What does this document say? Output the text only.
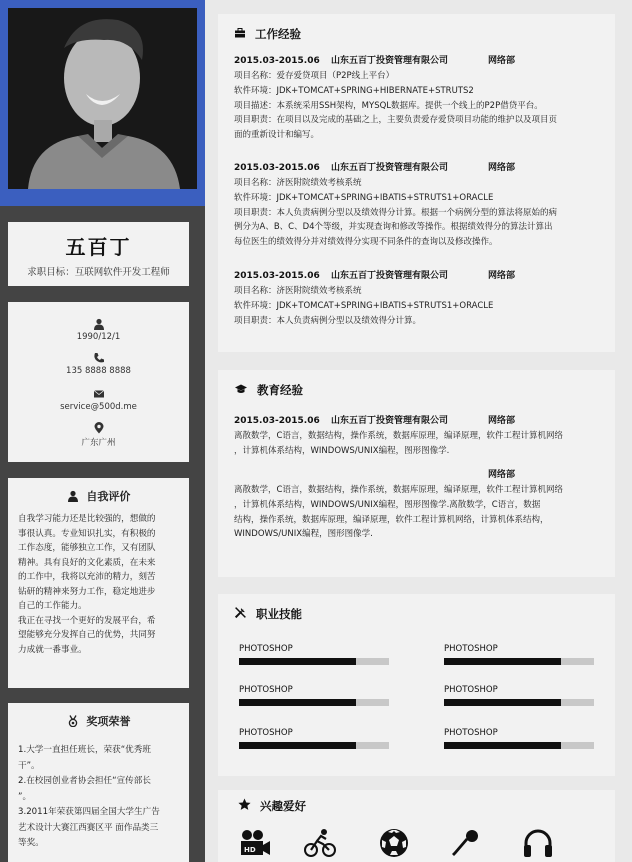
五百丁
求职目标：互联网软件开发工程师
1990/12/1
135 8888 8888
service@500d.me
广东广州
自我评价
自我学习能力还是比较强的，想做的
事很认真。专业知识扎实，有积极的
工作态度，能够独立工作，又有团队
精神。具有良好的文化素质，在未来
的工作中，我将以充沛的精力，刻苦
钻研的精神来努力工作，稳定地进步
自己的工作能力。
我正在寻找一个更好的发展平台，希
望能够充分发挥自己的优势，共同努
力成就一番事业。
奖项荣誉
1.大学一直担任班长，荣获“优秀班
干”。
2.在校园创业者协会担任“宣传部长
”。
3.2011年荣获第四届全国大学生广告
艺术设计大赛江西赛区平 面作品类三
等奖。
工作经验
2015.03-2015.06 山东五百丁投资管理有限公司	网络部
项目名称：爱存爱贷项目（P2P线上平台）
软件环境：JDK+TOMCAT+SPRING+HIBERNATE+STRUTS2
项目描述：本系统采用SSH架构，MYSQL数据库。提供一个线上的P2P借贷平台。
项目职责：在项目以及完成的基础之上，主要负责爱存爱贷项目功能的维护以及项目页
面的重新设计和编写。
2015.03-2015.06 山东五百丁投资管理有限公司	网络部
项目名称：济医附院绩效考核系统
软件环境：JDK+TOMCAT+SPRING+IBATIS+STRUTS1+ORACLE
项目职责：本人负责病例分型以及绩效得分计算。根据一个病例分型的算法将原始的病
例分为A、B、C、D4个等级，并实现查询和修改等操作。根据绩效得分的算法计算出
每位医生的绩效得分并对绩效得分实现不同条件的查询以及修改操作。
2015.03-2015.06 山东五百丁投资管理有限公司	网络部
项目名称：济医附院绩效考核系统
软件环境：JDK+TOMCAT+SPRING+IBATIS+STRUTS1+ORACLE
项目职责：本人负责病例分型以及绩效得分计算。
教育经验
2015.03-2015.06 山东五百丁投资管理有限公司	网络部
离散数学，C语言，数据结构，操作系统，数据库原理，编译原理，软件工程计算机网络
，计算机体系结构，WINDOWS/UNIX编程，图形图像学.
网络部
离散数学，C语言，数据结构，操作系统，数据库原理，编译原理，软件工程计算机网络
，计算机体系结构，WINDOWS/UNIX编程，图形图像学.离散数学，C语言，数据
结构，操作系统，数据库原理，编译原理，软件工程计算机网络，计算机体系结构，
WINDOWS/UNIX编程，图形图像学.
职业技能
PHOTOSHOP	PHOTOSHOP
PHOTOSHOP	PHOTOSHOP
PHOTOSHOP	PHOTOSHOP
兴趣爱好
HD
